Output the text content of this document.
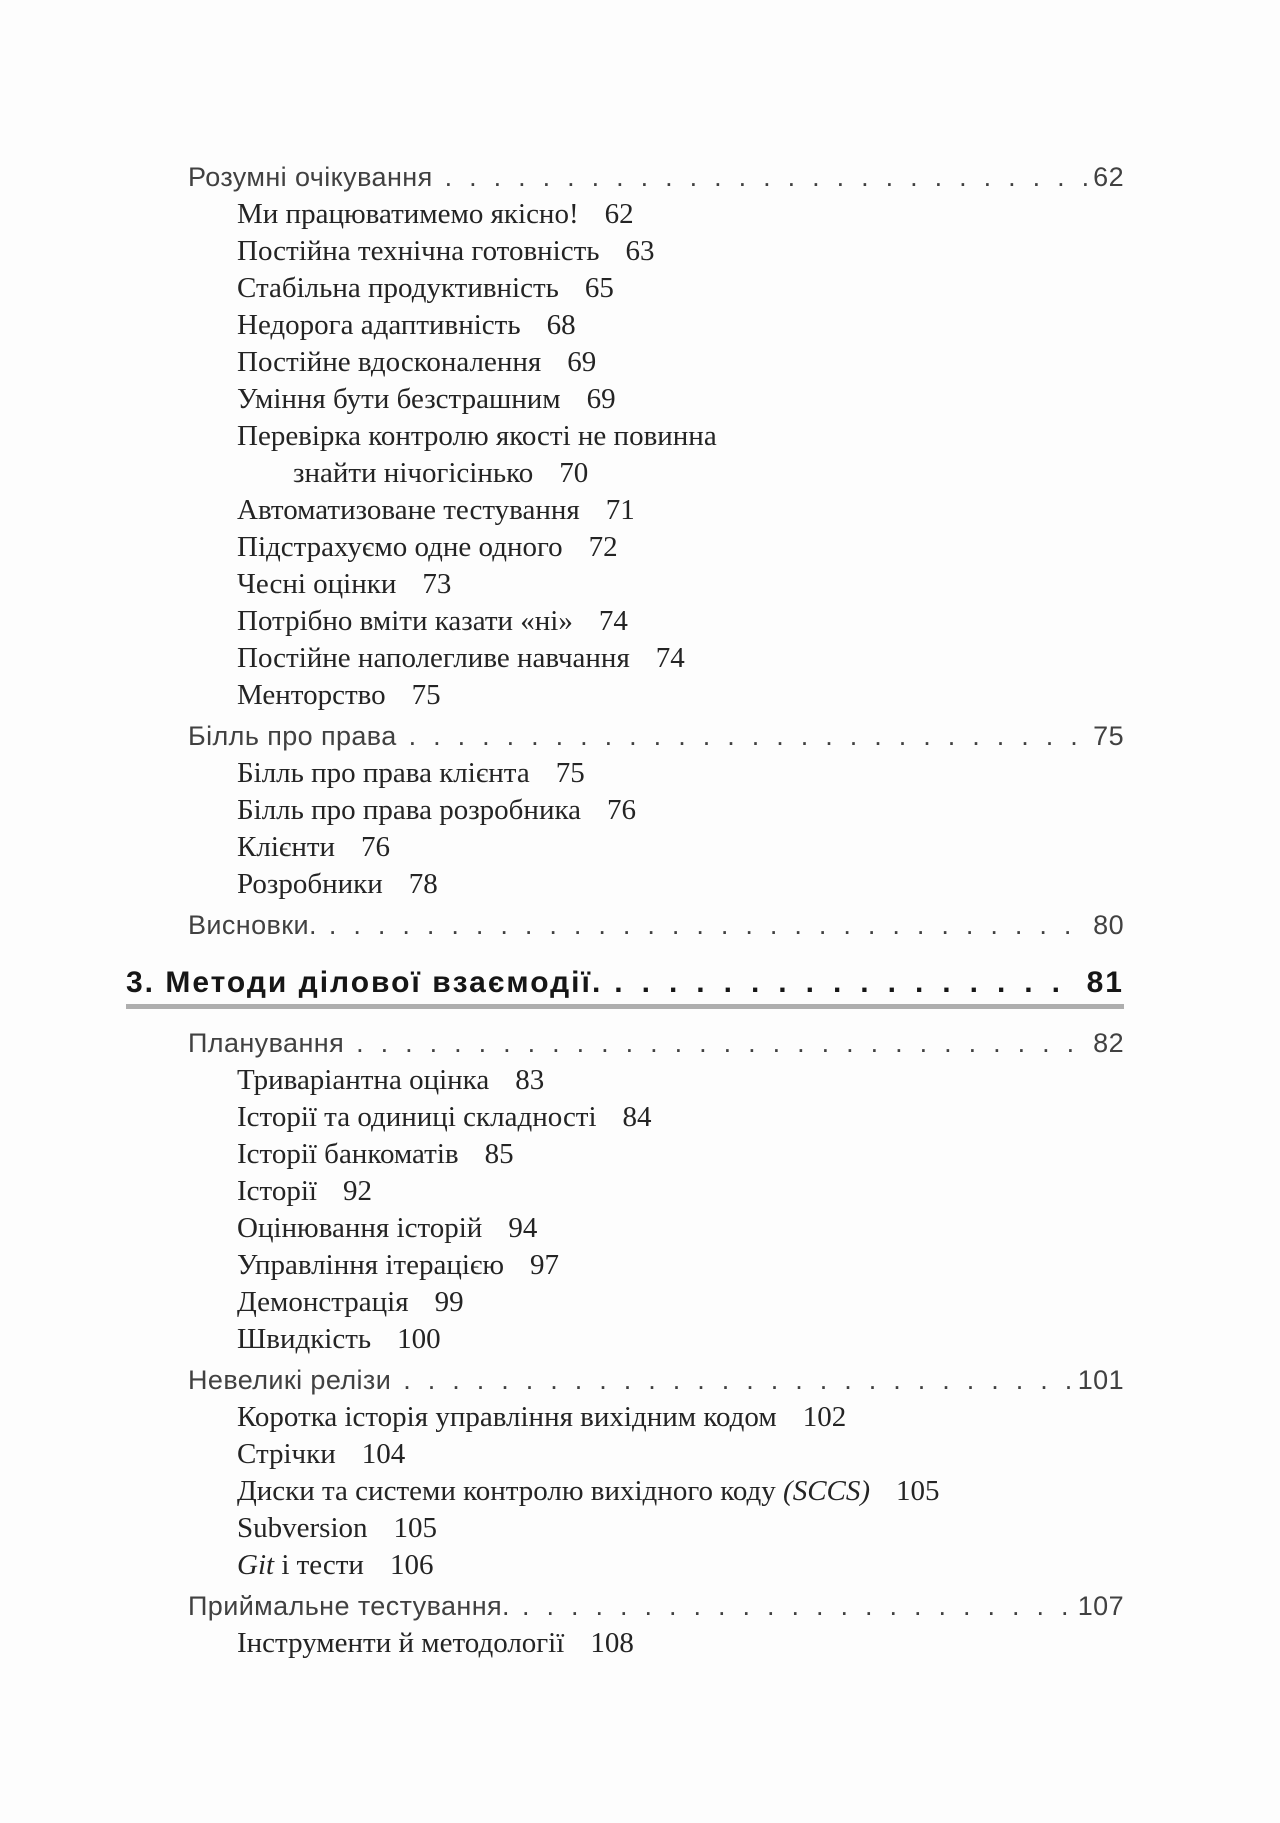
Розумні очікування .....	62
Ми працюватимемо якісно! 62
Постійна технічна готовність 63
Стабільна продуктивність 65
Недорога адаптивність 68
Постійне вдосконалення 69
Уміння бути безстрашним 69
Перевірка контролю якості не повинна
знайти нічогісінько 70
Автоматизоване тестування 71
Підстрахуємо одне одного 72
Чесні оцінки 73
Потрібно вміти казати «ні» 74
Постійне наполегливе навчання 74
Менторство 75
Білль про права .....	75
Білль про права клієнта 75
Білль про права розробника 76
Клієнти 76
Розробники 78
Висновки. .....	80
3. Методи ділової взаємодії. .....	81
Планування .....	82
Триваріантна оцінка 83
Історії та одиниці складності 84
Історії банкоматів 85
Історії 92
Оцінювання історій 94
Управління ітерацією 97
Демонстрація 99
Швидкість 100
Невеликі релізи .....	101
Коротка історія управління вихідним кодом 102
Стрічки 104
Диски та системи контролю вихідного коду (SCCS) 105
Subversion 105
Git і тести 106
Приймальне тестування. .....	107
Інструменти й методології 108
